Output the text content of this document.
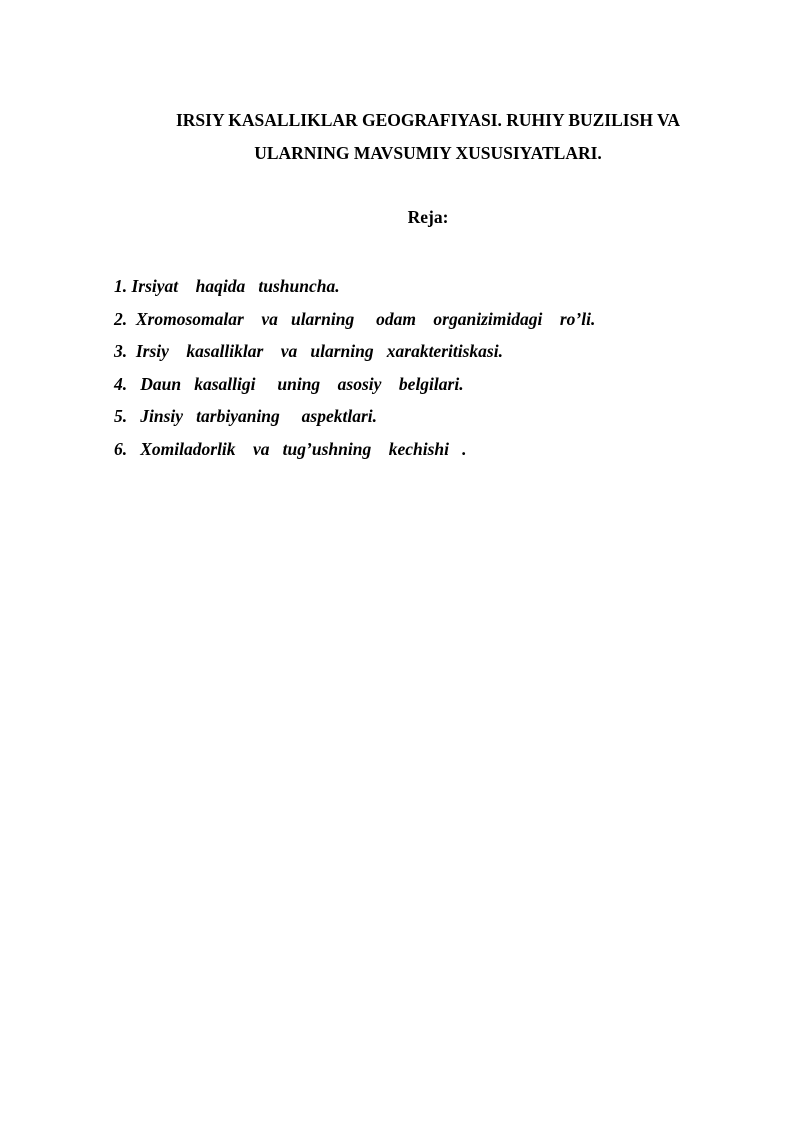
IRSIY KASALLIKLAR GEOGRAFIYASI. RUHIY BUZILISH VA
ULARNING MAVSUMIY XUSUSIYATLARI.
Reja:
1. Irsiyat    haqida   tushuncha.
2. Xromosomalar    va   ularning     odam    organizimidagi    ro’li.
3. Irsiy    kasalliklar    va   ularning   xarakteritiskasi.
4. Daun   kasalligi     uning    asosiy    belgilari.
5. Jinsiy   tarbiyaning     aspektlari.
6. Xomiladorlik    va   tug’ushning    kechishi   .
